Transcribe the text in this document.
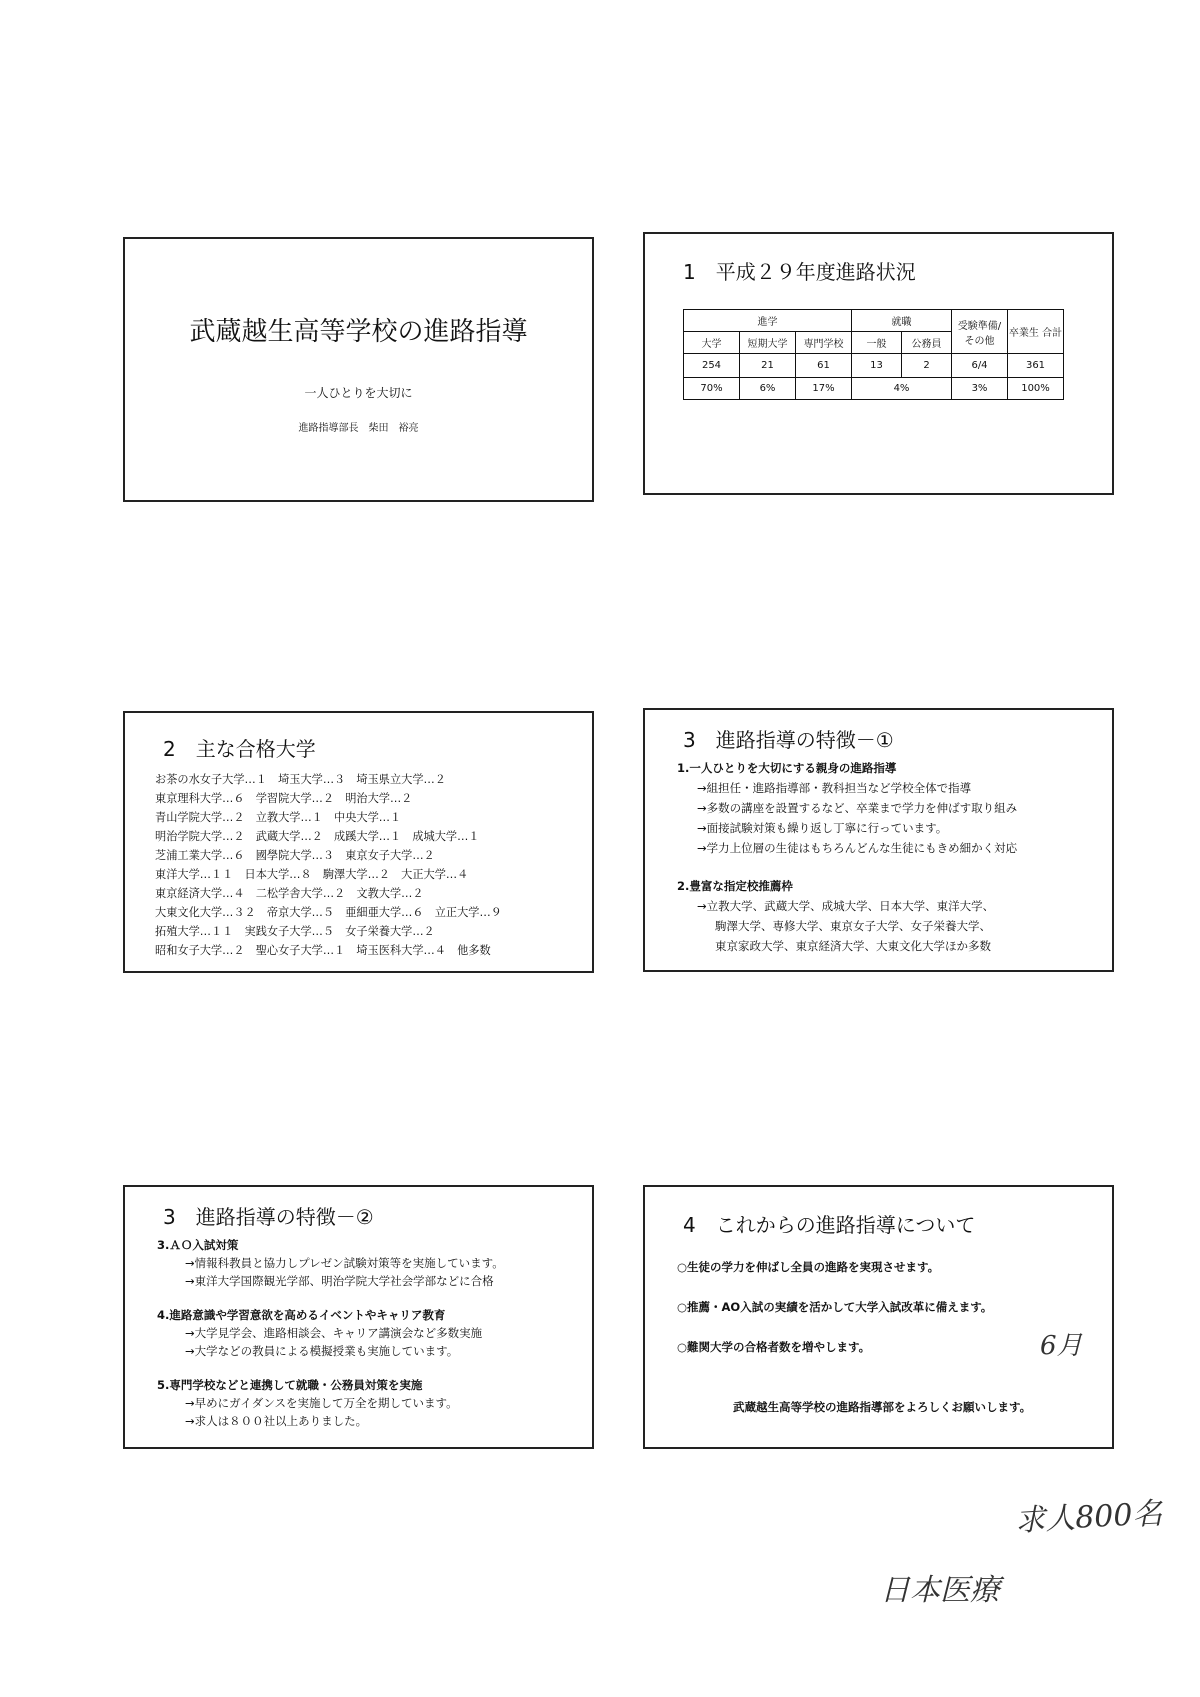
武蔵越生高等学校の進路指導
一人ひとりを大切に
進路指導部長　柴田　裕亮
1　平成２９年度進路状況
進学			就職		受験準備/ その他	卒業生 合計
大学	短期大学	専門学校	一般	公務員		
254	21	61	13	2	6/4	361
70%	6%	17%	4%		3%	100%
2　主な合格大学
お茶の水女子大学…１　埼玉大学…３　埼玉県立大学…２
東京理科大学…６　学習院大学…２　明治大学…２
青山学院大学…２　立教大学…１　中央大学…１
明治学院大学…２　武蔵大学…２　成蹊大学…１　成城大学…１
芝浦工業大学…６　國學院大学…３　東京女子大学…２
東洋大学…１１　日本大学…８　駒澤大学…２　大正大学…４
東京経済大学…４　二松学舎大学…２　文教大学…２
大東文化大学…３２　帝京大学…５　亜細亜大学…６　立正大学…９
拓殖大学…１１　実践女子大学…５　女子栄養大学…２
昭和女子大学…２　聖心女子大学…１　埼玉医科大学…４　他多数
3　進路指導の特徴－①
1.一人ひとりを大切にする親身の進路指導
→組担任・進路指導部・教科担当など学校全体で指導
→多数の講座を設置するなど、卒業まで学力を伸ばす取り組み
→面接試験対策も繰り返し丁寧に行っています。
→学力上位層の生徒はもちろんどんな生徒にもきめ細かく対応
2.豊富な指定校推薦枠
→立教大学、武蔵大学、成城大学、日本大学、東洋大学、
駒澤大学、専修大学、東京女子大学、女子栄養大学、
東京家政大学、東京経済大学、大東文化大学ほか多数
3　進路指導の特徴－②
3.ＡＯ入試対策
→情報科教員と協力しプレゼン試験対策等を実施しています。
→東洋大学国際観光学部、明治学院大学社会学部などに合格
4.進路意識や学習意欲を高めるイベントやキャリア教育
→大学見学会、進路相談会、キャリア講演会など多数実施
→大学などの教員による模擬授業も実施しています。
5.専門学校などと連携して就職・公務員対策を実施
→早めにガイダンスを実施して万全を期しています。
→求人は８００社以上ありました。
4　これからの進路指導について
○生徒の学力を伸ばし全員の進路を実現させます。
○推薦・AO入試の実績を活かして大学入試改革に備えます。
○難関大学の合格者数を増やします。
武蔵越生高等学校の進路指導部をよろしくお願いします。
6月
求人800名
日本医療
